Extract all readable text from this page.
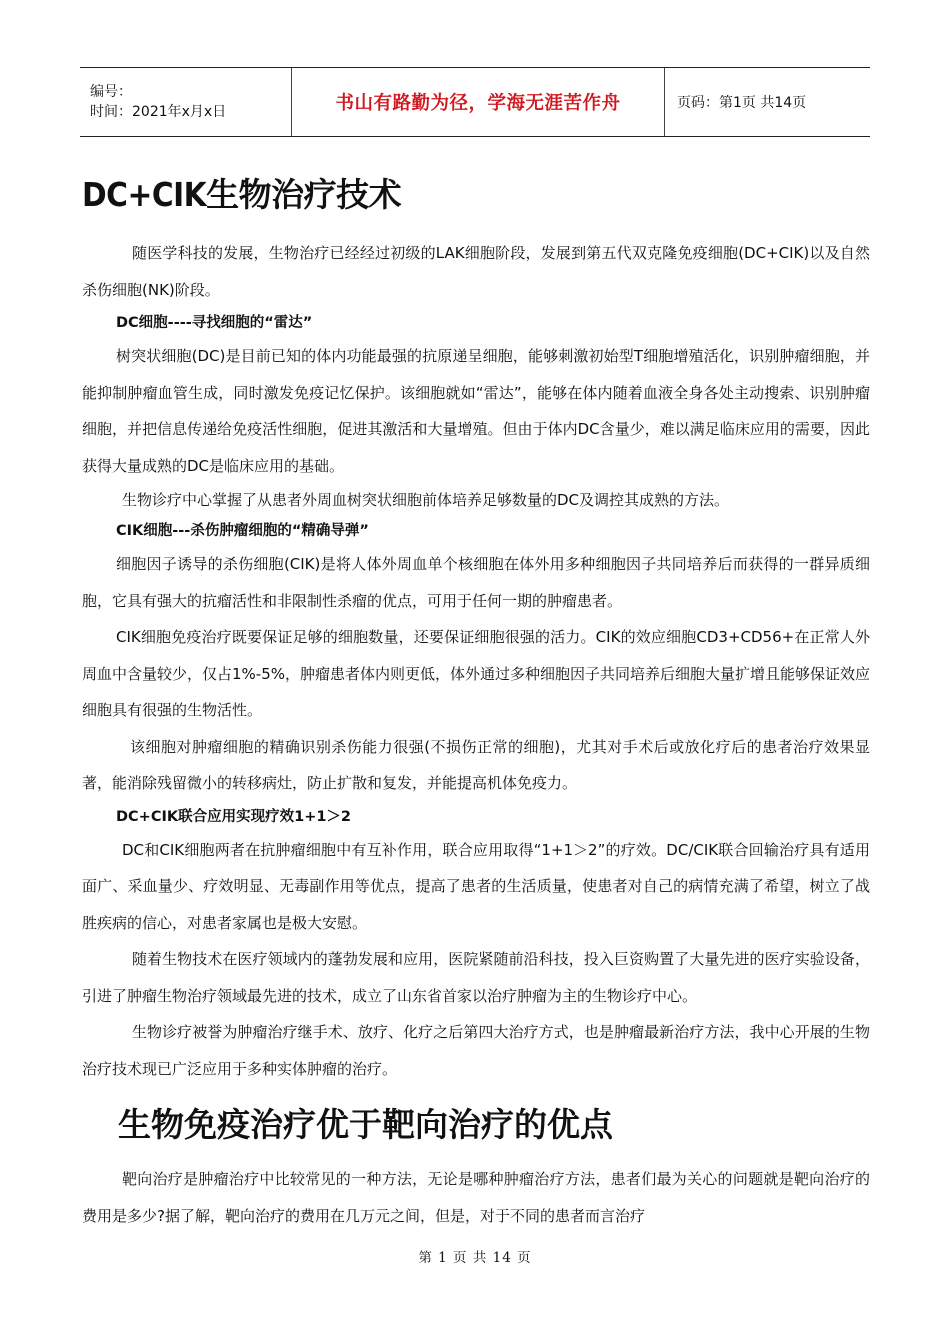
编号：
时间：2021年x月x日	书山有路勤为径，学海无涯苦作舟	页码：第1页 共14页
DC+CIK生物治疗技术

随医学科技的发展，生物治疗已经经过初级的LAK细胞阶段，发展到第五代双克隆免疫细胞(DC+CIK)以及自然杀伤细胞(NK)阶段。

DC细胞----寻找细胞的“雷达”

树突状细胞(DC)是目前已知的体内功能最强的抗原递呈细胞，能够刺激初始型T细胞增殖活化，识别肿瘤细胞，并能抑制肿瘤血管生成，同时激发免疫记忆保护。该细胞就如“雷达”，能够在体内随着血液全身各处主动搜索、识别肿瘤细胞，并把信息传递给免疫活性细胞，促进其激活和大量增殖。但由于体内DC含量少，难以满足临床应用的需要，因此获得大量成熟的DC是临床应用的基础。

生物诊疗中心掌握了从患者外周血树突状细胞前体培养足够数量的DC及调控其成熟的方法。

CIK细胞---杀伤肿瘤细胞的“精确导弹”

细胞因子诱导的杀伤细胞(CIK)是将人体外周血单个核细胞在体外用多种细胞因子共同培养后而获得的一群异质细胞，它具有强大的抗瘤活性和非限制性杀瘤的优点，可用于任何一期的肿瘤患者。

CIK细胞免疫治疗既要保证足够的细胞数量，还要保证细胞很强的活力。CIK的效应细胞CD3+CD56+在正常人外周血中含量较少，仅占1%-5%，肿瘤患者体内则更低，体外通过多种细胞因子共同培养后细胞大量扩增且能够保证效应细胞具有很强的生物活性。

该细胞对肿瘤细胞的精确识别杀伤能力很强(不损伤正常的细胞)，尤其对手术后或放化疗后的患者治疗效果显著，能消除残留微小的转移病灶，防止扩散和复发，并能提高机体免疫力。

DC+CIK联合应用实现疗效1+1＞2

DC和CIK细胞两者在抗肿瘤细胞中有互补作用，联合应用取得“1+1＞2”的疗效。DC/CIK联合回输治疗具有适用面广、采血量少、疗效明显、无毒副作用等优点，提高了患者的生活质量，使患者对自己的病情充满了希望，树立了战胜疾病的信心，对患者家属也是极大安慰。

随着生物技术在医疗领域内的蓬勃发展和应用，医院紧随前沿科技，投入巨资购置了大量先进的医疗实验设备，引进了肿瘤生物治疗领域最先进的技术，成立了山东省首家以治疗肿瘤为主的生物诊疗中心。

生物诊疗被誉为肿瘤治疗继手术、放疗、化疗之后第四大治疗方式，也是肿瘤最新治疗方法，我中心开展的生物治疗技术现已广泛应用于多种实体肿瘤的治疗。

生物免疫治疗优于靶向治疗的优点

靶向治疗是肿瘤治疗中比较常见的一种方法，无论是哪种肿瘤治疗方法，患者们最为关心的问题就是靶向治疗的费用是多少?据了解，靶向治疗的费用在几万元之间，但是，对于不同的患者而言治疗

第 1 页 共 14 页
